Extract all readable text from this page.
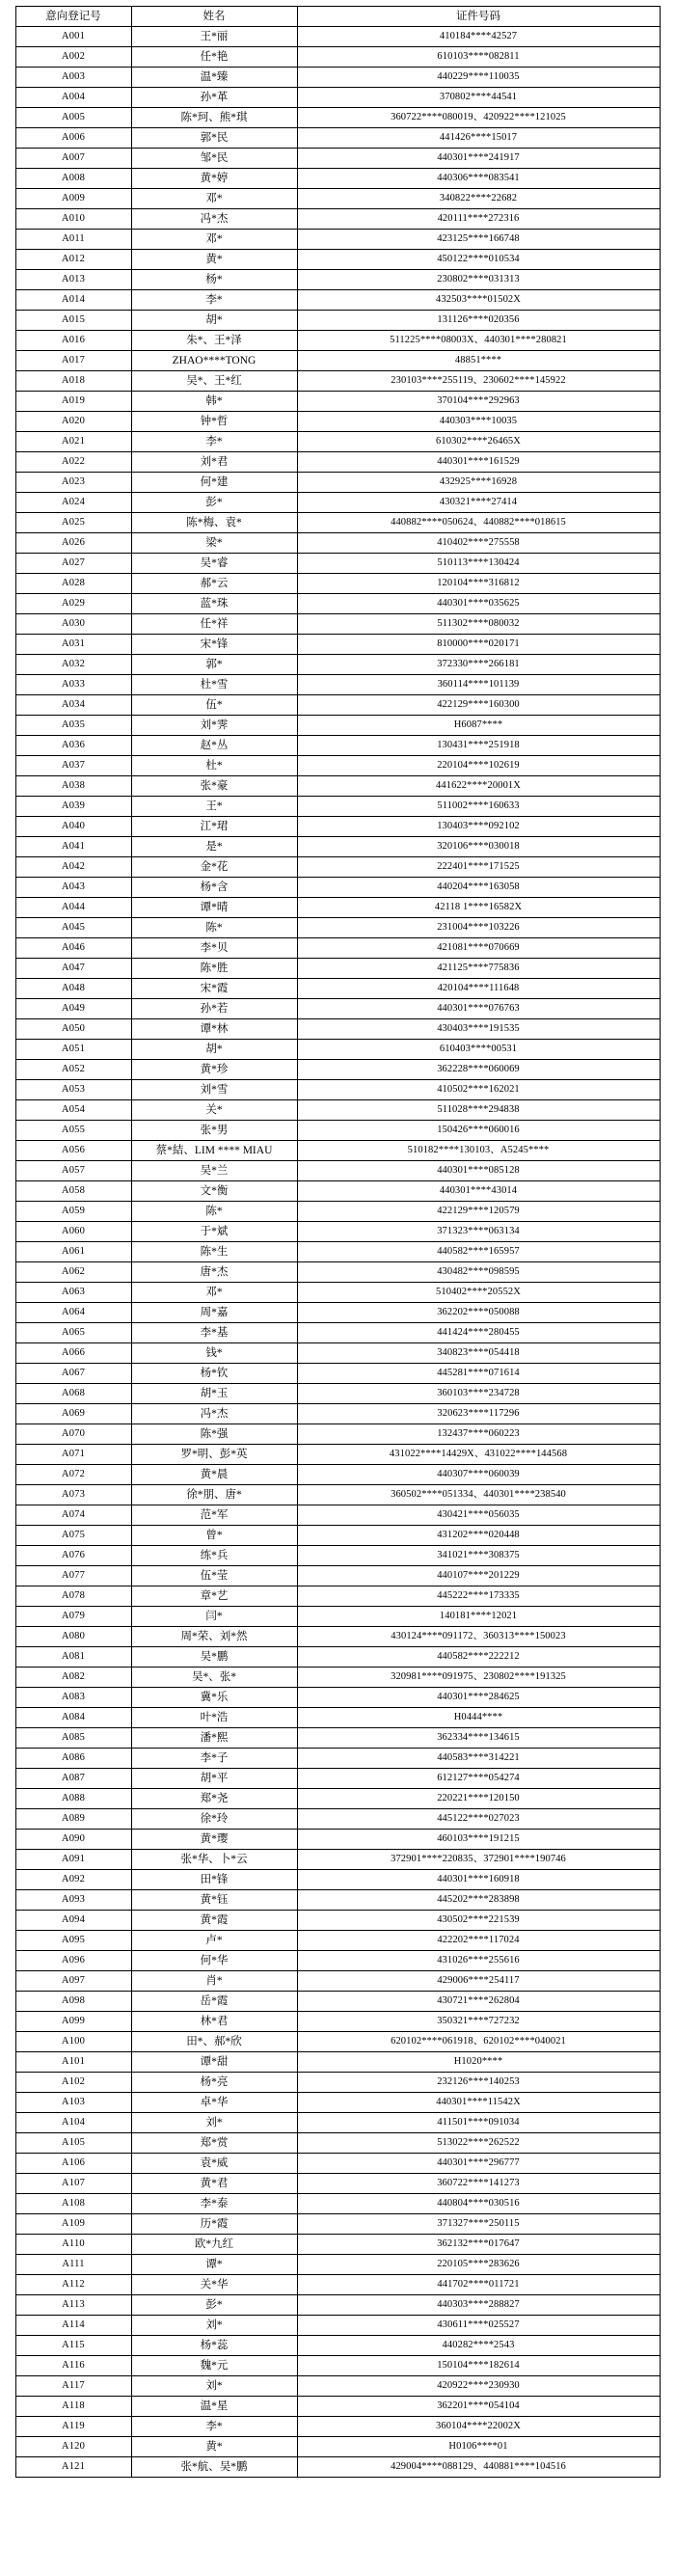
意向登记号	姓名	证件号码
A001	王*丽	410184****42527
A002	任*艳	610103****082811
A003	温*臻	440229****110035
A004	孙*革	370802****44541
A005	陈*珂、熊*琪	360722****080019、420922****121025
A006	郭*民	441426****15017
A007	邹*民	440301****241917
A008	黄*婷	440306****083541
A009	邓*	340822****22682
A010	冯*杰	420111****272316
A011	邓*	423125****166748
A012	黄*	450122****010534
A013	杨*	230802****031313
A014	李*	432503****01502X
A015	胡*	131126****020356
A016	朱*、王*泽	511225****08003X、440301****280821
A017	ZHAO****TONG	48851****
A018	吴*、王*红	230103****255119、230602****145922
A019	韩*	370104****292963
A020	钟*哲	440303****10035
A021	李*	610302****26465X
A022	刘*君	440301****161529
A023	何*建	432925****16928
A024	彭*	430321****27414
A025	陈*梅、袁*	440882****050624、440882****018615
A026	梁*	410402****275558
A027	吴*睿	510113****130424
A028	郝*云	120104****316812
A029	蓝*珠	440301****035625
A030	任*祥	511302****080032
A031	宋*锋	810000****020171
A032	郭*	372330****266181
A033	杜*雪	360114****101139
A034	伍*	422129****160300
A035	刘*霁	H6087****
A036	赵*丛	130431****251918
A037	杜*	220104****102619
A038	张*豪	441622****20001X
A039	王*	511002****160633
A040	江*珺	130403****092102
A041	是*	320106****030018
A042	金*花	222401****171525
A043	杨*含	440204****163058
A044	谭*晴	42118 1****16582X
A045	陈*	231004****103226
A046	李*贝	421081****070669
A047	陈*胜	421125****775836
A048	宋*霞	420104****111648
A049	孙*若	440301****076763
A050	谭*林	430403****191535
A051	胡*	610403****00531
A052	黄*珍	362228****060069
A053	刘*雪	410502****162021
A054	关*	511028****294838
A055	张*男	150426****060016
A056	蔡*結、LIM **** MIAU	510182****130103、A5245****
A057	吴*兰	440301****085128
A058	文*衡	440301****43014
A059	陈*	422129****120579
A060	于*斌	371323****063134
A061	陈*生	440582****165957
A062	唐*杰	430482****098595
A063	邓*	510402****20552X
A064	周*嘉	362202****050088
A065	李*基	441424****280455
A066	钱*	340823****054418
A067	杨*钦	445281****071614
A068	胡*玉	360103****234728
A069	冯*杰	320623****117296
A070	陈*强	132437****060223
A071	罗*明、彭*英	431022****14429X、431022****144568
A072	黄*晨	440307****060039
A073	徐*朋、唐*	360502****051334、440301****238540
A074	范*军	430421****056035
A075	曾*	431202****020448
A076	练*兵	341021****308375
A077	伍*莹	440107****201229
A078	章*艺	445222****173335
A079	闫*	140181****12021
A080	周*荣、刘*然	430124****091172、360313****150023
A081	吴*鹏	440582****222212
A082	吴*、张*	320981****091975、230802****191325
A083	冀*乐	440301****284625
A084	叶*浩	H0444****
A085	潘*熙	362334****134615
A086	李*子	440583****314221
A087	胡*平	612127****054274
A088	郑*尧	220221****120150
A089	徐*玲	445122****027023
A090	黄*璎	460103****191215
A091	张*华、卜*云	372901****220835、372901****190746
A092	田*锋	440301****160918
A093	黄*钰	445202****283898
A094	黄*霞	430502****221539
A095	卢*	422202****117024
A096	何*华	431026****255616
A097	肖*	429006****254117
A098	岳*霞	430721****262804
A099	林*君	350321****727232
A100	田*、郝*欣	620102****061918、620102****040021
A101	谭*甜	H1020****
A102	杨*亮	232126****140253
A103	卓*华	440301****11542X
A104	刘*	411501****091034
A105	郑*赏	513022****262522
A106	袁*威	440301****296777
A107	黄*君	360722****141273
A108	李*泰	440804****030516
A109	历*霞	371327****250115
A110	欧*九红	362132****017647
A111	谭*	220105****283626
A112	关*华	441702****011721
A113	彭*	440303****288827
A114	刘*	430611****025527
A115	杨*蕊	440282****2543
A116	魏*元	150104****182614
A117	刘*	420922****230930
A118	温*星	362201****054104
A119	李*	360104****22002X
A120	黄*	H0106****01
A121	张*航、吴*鹏	429004****088129、440881****104516
